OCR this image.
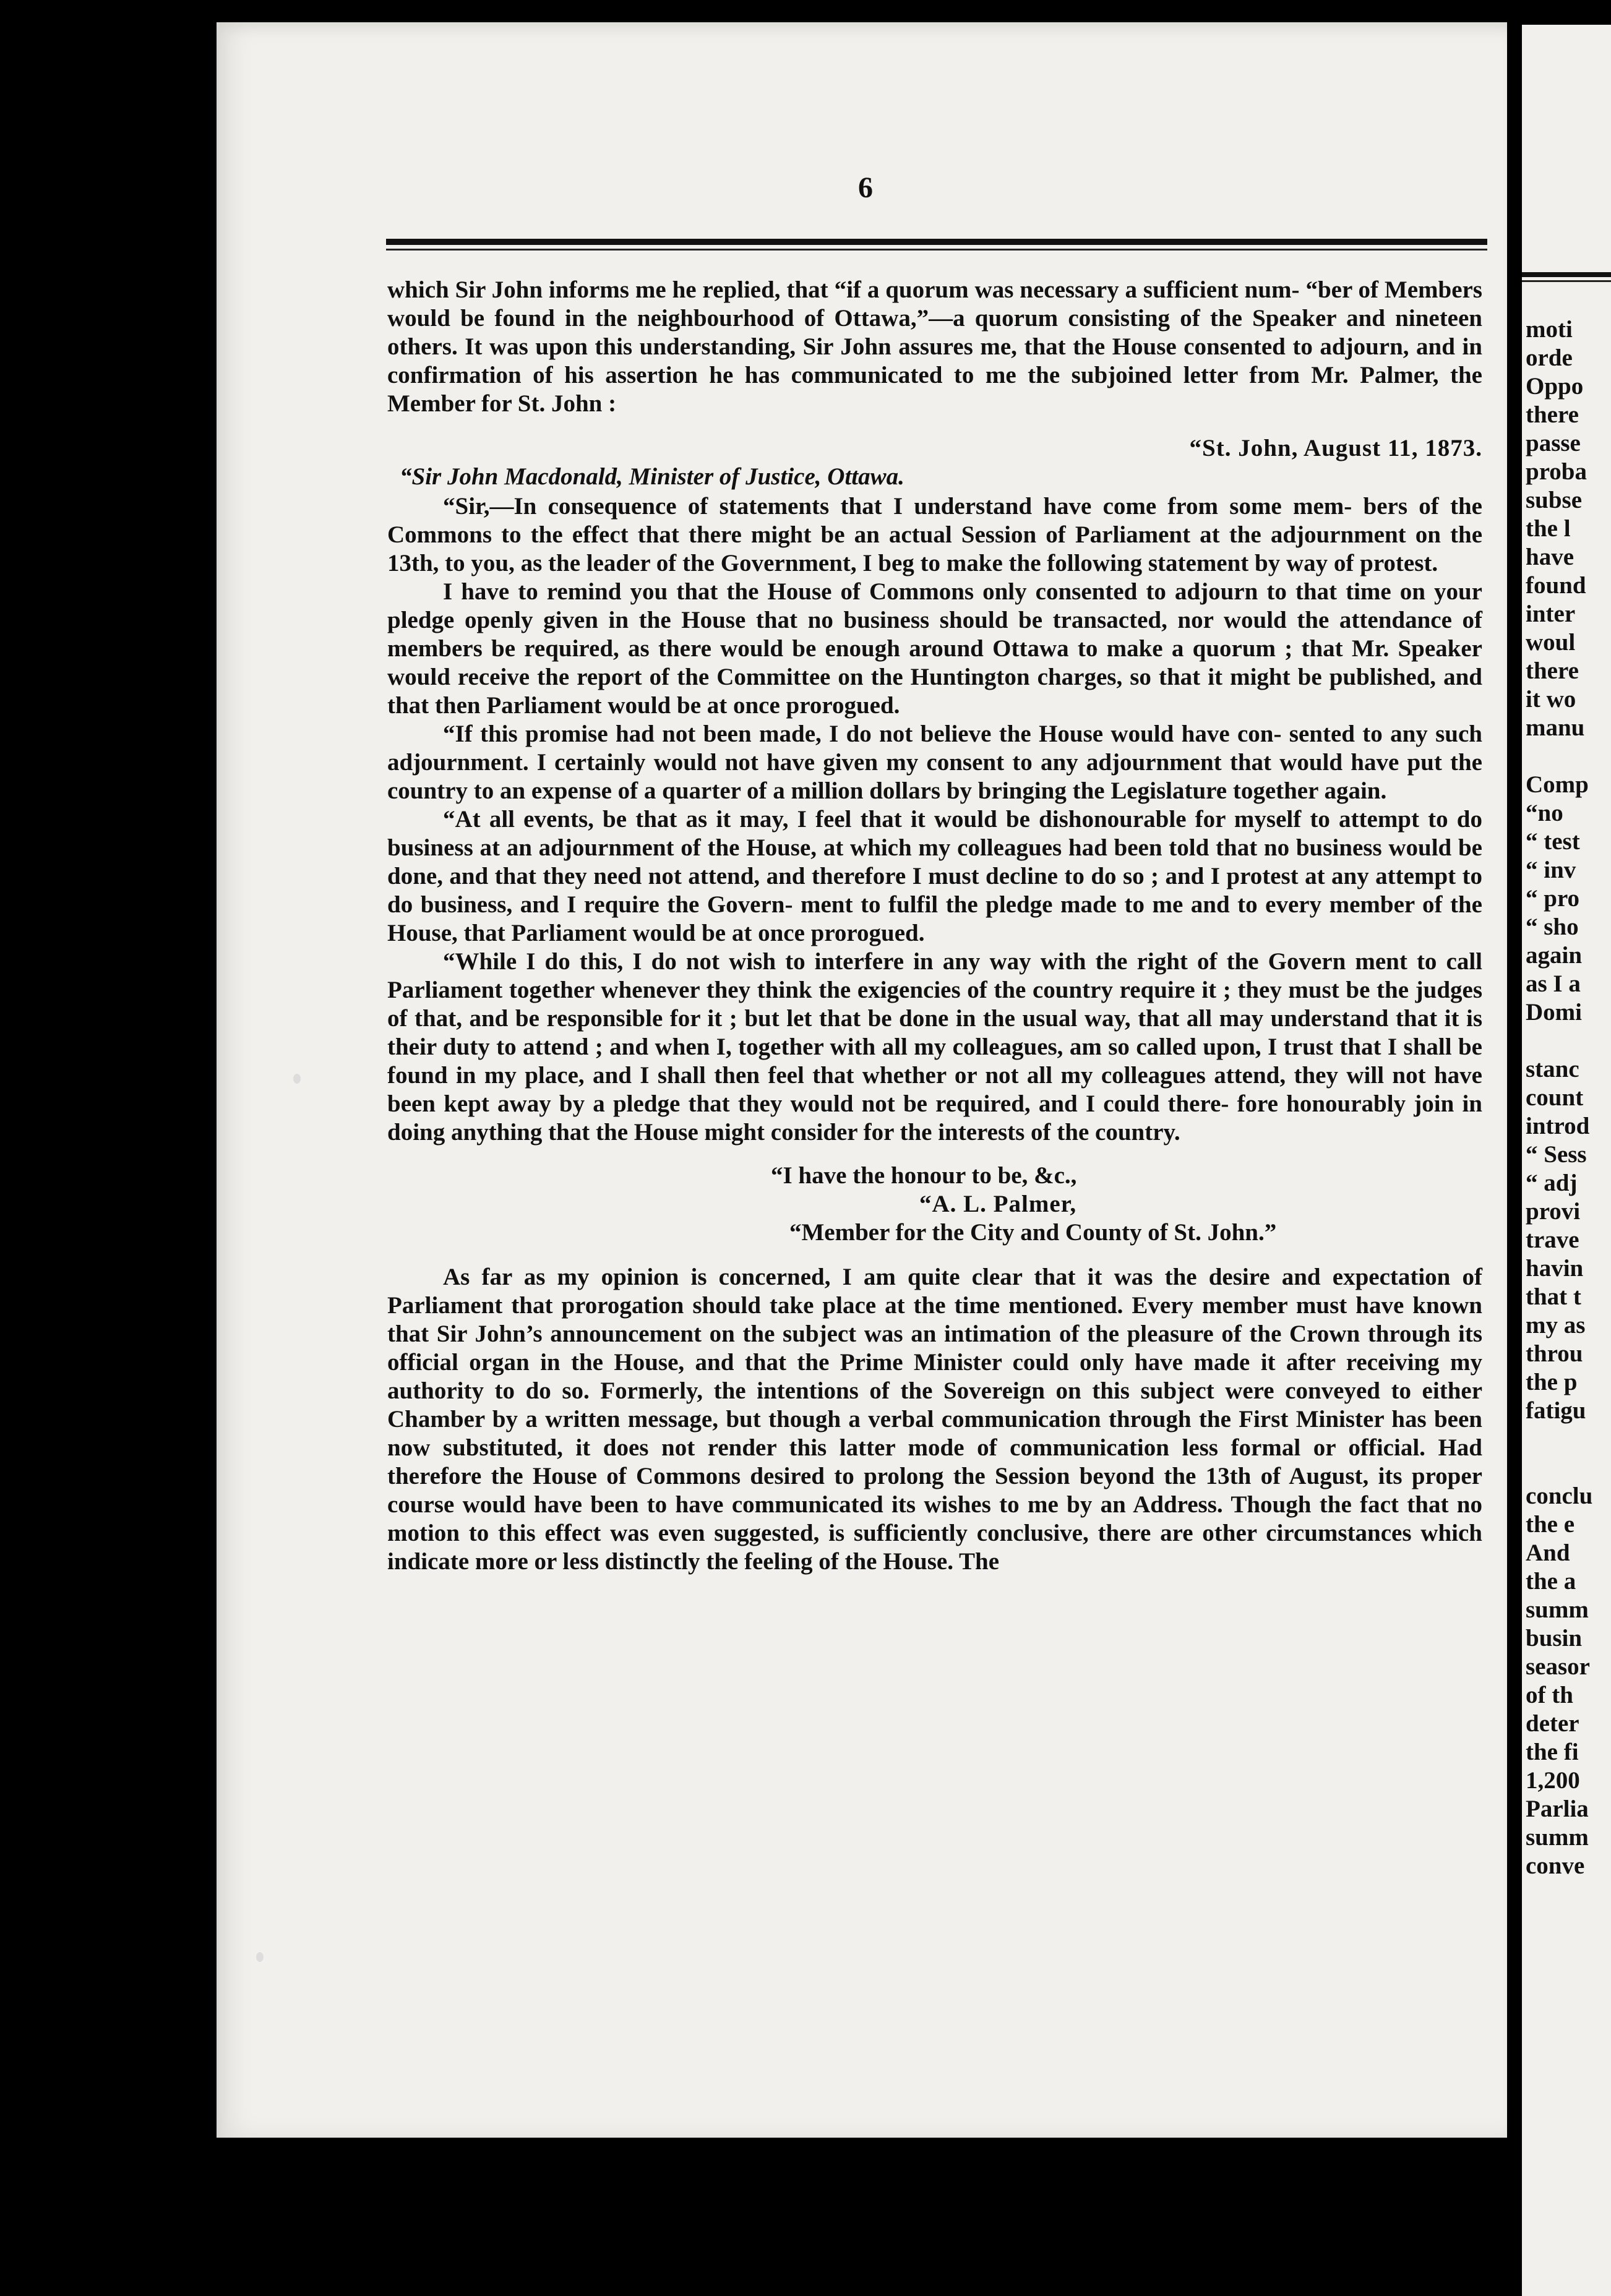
6

which Sir John informs me he replied, that “if a quorum was necessary a sufficient num- “ber of Members would be found in the neighbourhood of Ottawa,”—a quorum consisting of the Speaker and nineteen others. It was upon this understanding, Sir John assures me, that the House consented to adjourn, and in confirmation of his assertion he has communicated to me the subjoined letter from Mr. Palmer, the Member for St. John :

“St. John, August 11, 1873.

“Sir John Macdonald, Minister of Justice, Ottawa.

“Sir,—In consequence of statements that I understand have come from some mem- bers of the Commons to the effect that there might be an actual Session of Parliament at the adjournment on the 13th, to you, as the leader of the Government, I beg to make the following statement by way of protest.

I have to remind you that the House of Commons only consented to adjourn to that time on your pledge openly given in the House that no business should be transacted, nor would the attendance of members be required, as there would be enough around Ottawa to make a quorum ; that Mr. Speaker would receive the report of the Committee on the Huntington charges, so that it might be published, and that then Parliament would be at once prorogued.

“If this promise had not been made, I do not believe the House would have con- sented to any such adjournment. I certainly would not have given my consent to any adjournment that would have put the country to an expense of a quarter of a million dollars by bringing the Legislature together again.

“At all events, be that as it may, I feel that it would be dishonourable for myself to attempt to do business at an adjournment of the House, at which my colleagues had been told that no business would be done, and that they need not attend, and therefore I must decline to do so ; and I protest at any attempt to do business, and I require the Govern- ment to fulfil the pledge made to me and to every member of the House, that Parliament would be at once prorogued.

“While I do this, I do not wish to interfere in any way with the right of the Govern ment to call Parliament together whenever they think the exigencies of the country require it ; they must be the judges of that, and be responsible for it ; but let that be done in the usual way, that all may understand that it is their duty to attend ; and when I, together with all my colleagues, am so called upon, I trust that I shall be found in my place, and I shall then feel that whether or not all my colleagues attend, they will not have been kept away by a pledge that they would not be required, and I could there- fore honourably join in doing anything that the House might consider for the interests of the country.

“I have the honour to be, &c.,

“A. L. Palmer,

“Member for the City and County of St. John.”

As far as my opinion is concerned, I am quite clear that it was the desire and expectation of Parliament that prorogation should take place at the time mentioned. Every member must have known that Sir John’s announcement on the subject was an intimation of the pleasure of the Crown through its official organ in the House, and that the Prime Minister could only have made it after receiving my authority to do so. Formerly, the intentions of the Sovereign on this subject were conveyed to either Chamber by a written message, but though a verbal communication through the First Minister has been now substituted, it does not render this latter mode of communication less formal or official. Had therefore the House of Commons desired to prolong the Session beyond the 13th of August, its proper course would have been to have communicated its wishes to me by an Address. Though the fact that no motion to this effect was even suggested, is sufficiently conclusive, there are other circumstances which indicate more or less distinctly the feeling of the House. The

moti
orde
Oppo
there
passe
proba
subse
the l
have
found
inter
woul
there
it wo
manu
Comp
“no
“ test
“ inv
“ pro
“ sho
again
as I a
Domi
stanc
count
introd
“ Sess
“ adj
provi
trave
havin
that t
my as
throu
the p
fatigu
conclu
the e
And
the a
summ
busin
seasor
of th
deter
the fi
1,200
Parlia
summ
conve
